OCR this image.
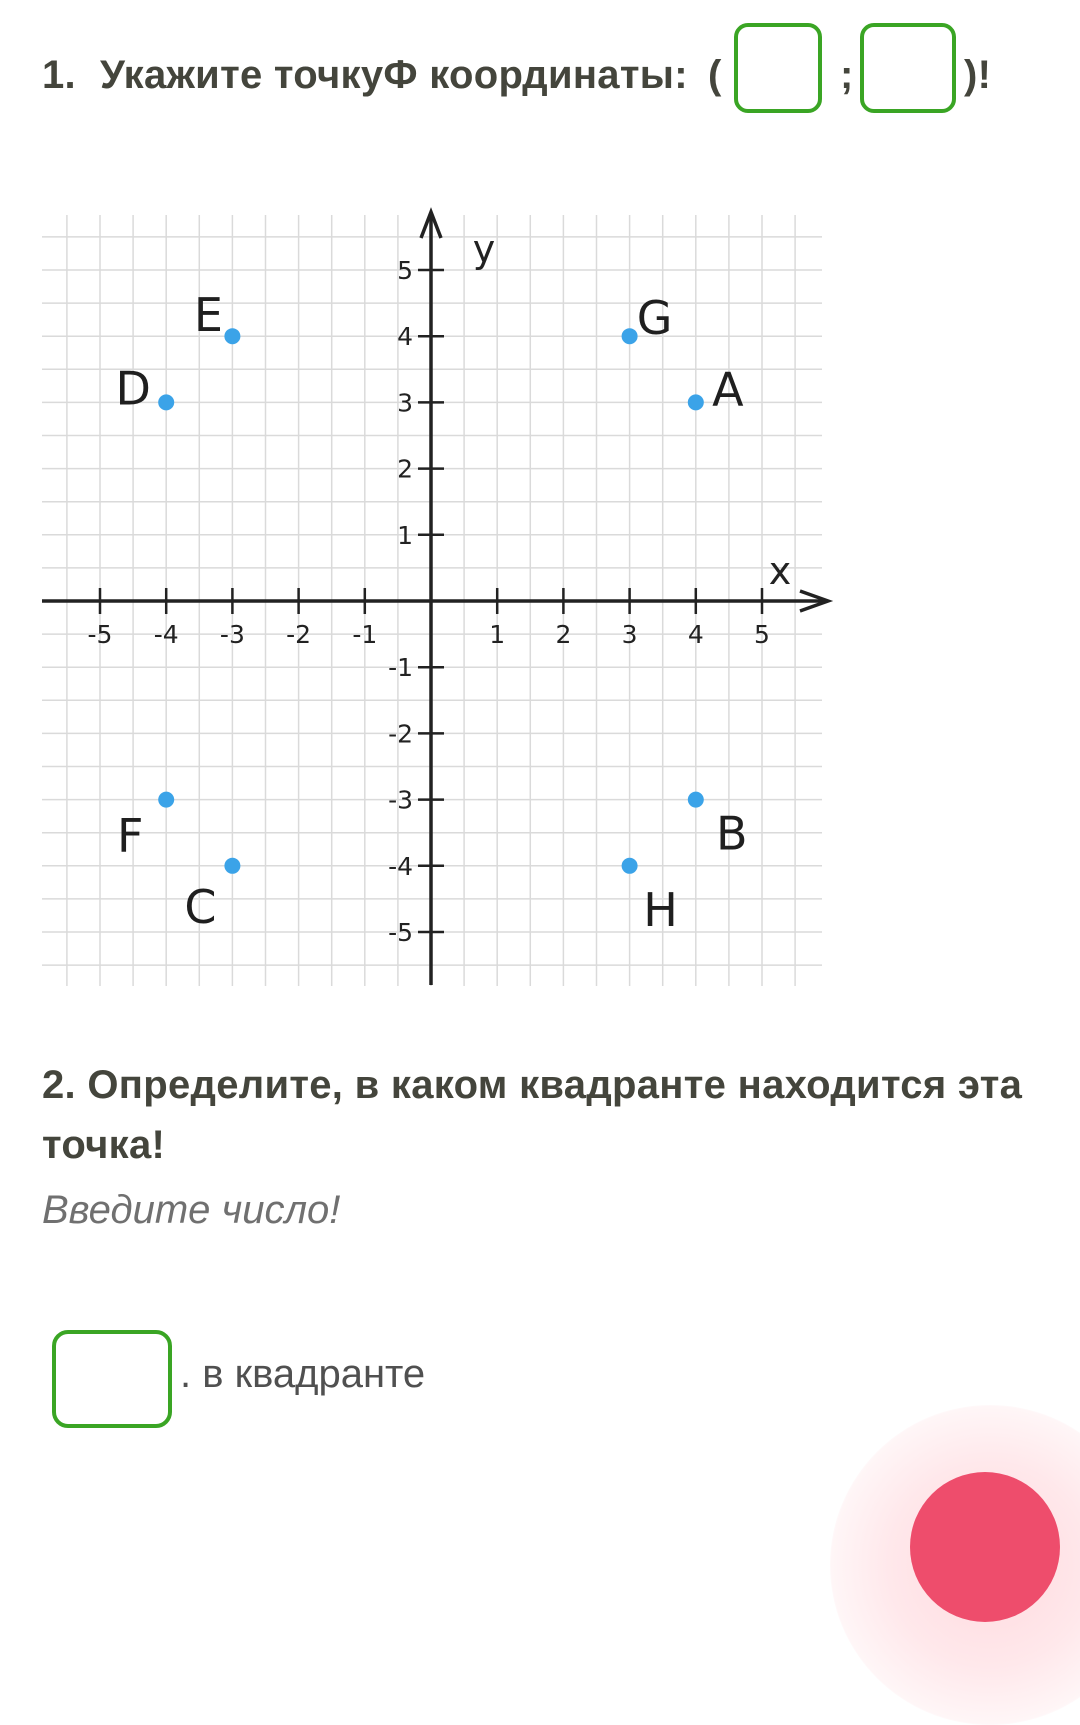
1. Укажите точкуФ координаты: (	;	)!
x
y
-5 -4 -3 -2 -1	1 2 3 4 5
5
4
3
2
1
-1
-2
-3
-4
-5
A
B
C
D
E
F
G
H
2. Определите, в каком квадранте находится эта точка!
Введите число!
. в квадранте
